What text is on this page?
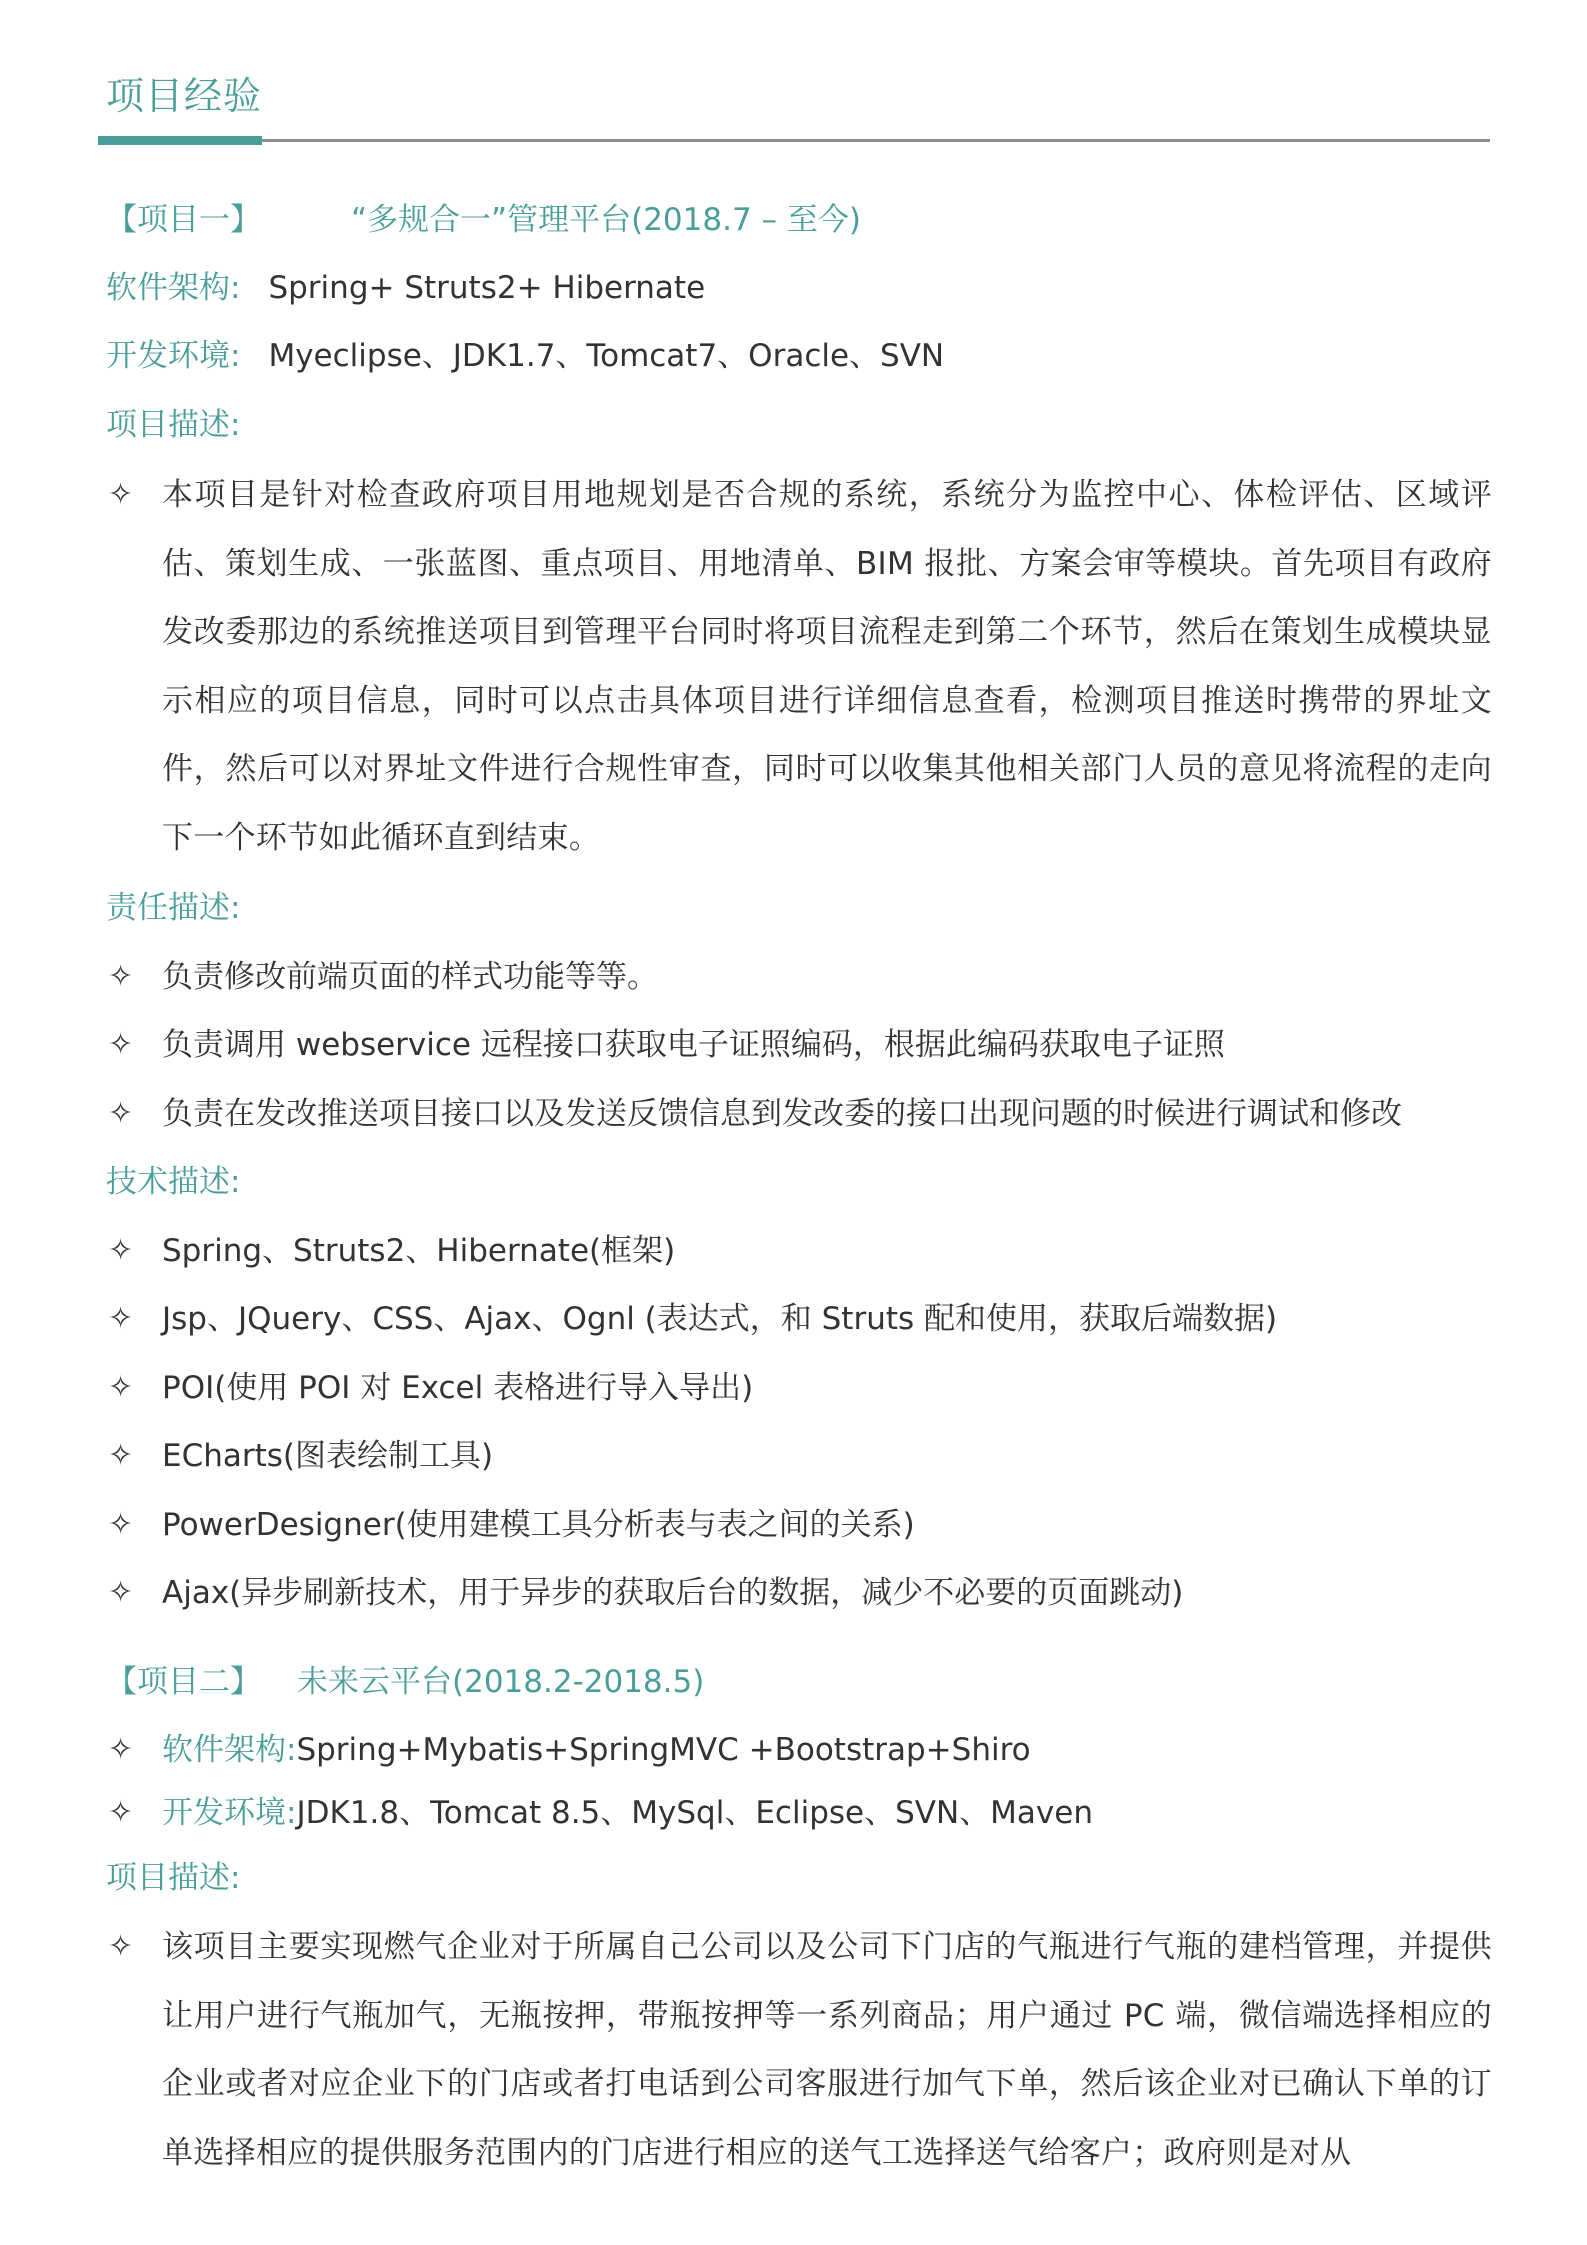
项目经验
【项目一】	“多规合一”管理平台(2018.7 – 至今)
软件架构: Spring+ Struts2+ Hibernate
开发环境: Myeclipse、JDK1.7、Tomcat7、Oracle、SVN
项目描述:
✧ 本项目是针对检查政府项目用地规划是否合规的系统，系统分为监控中心、体检评估、区域评估、策划生成、一张蓝图、重点项目、用地清单、BIM 报批、方案会审等模块。首先项目有政府发改委那边的系统推送项目到管理平台同时将项目流程走到第二个环节，然后在策划生成模块显示相应的项目信息，同时可以点击具体项目进行详细信息查看，检测项目推送时携带的界址文件，然后可以对界址文件进行合规性审查，同时可以收集其他相关部门人员的意见将流程的走向下一个环节如此循环直到结束。
责任描述:
✧ 负责修改前端页面的样式功能等等。
✧ 负责调用 webservice 远程接口获取电子证照编码，根据此编码获取电子证照
✧ 负责在发改推送项目接口以及发送反馈信息到发改委的接口出现问题的时候进行调试和修改
技术描述:
✧ Spring、Struts2、Hibernate(框架)
✧ Jsp、JQuery、CSS、Ajax、Ognl (表达式，和 Struts 配和使用，获取后端数据)
✧ POI(使用 POI 对 Excel 表格进行导入导出)
✧ ECharts(图表绘制工具)
✧ PowerDesigner(使用建模工具分析表与表之间的关系)
✧ Ajax(异步刷新技术，用于异步的获取后台的数据，减少不必要的页面跳动)
【项目二】 未来云平台(2018.2-2018.5)
✧ 软件架构:Spring+Mybatis+SpringMVC +Bootstrap+Shiro
✧ 开发环境:JDK1.8、Tomcat 8.5、MySql、Eclipse、SVN、Maven
项目描述:
✧ 该项目主要实现燃气企业对于所属自己公司以及公司下门店的气瓶进行气瓶的建档管理，并提供让用户进行气瓶加气，无瓶按押，带瓶按押等一系列商品；用户通过 PC 端，微信端选择相应的企业或者对应企业下的门店或者打电话到公司客服进行加气下单，然后该企业对已确认下单的订单选择相应的提供服务范围内的门店进行相应的送气工选择送气给客户；政府则是对从
